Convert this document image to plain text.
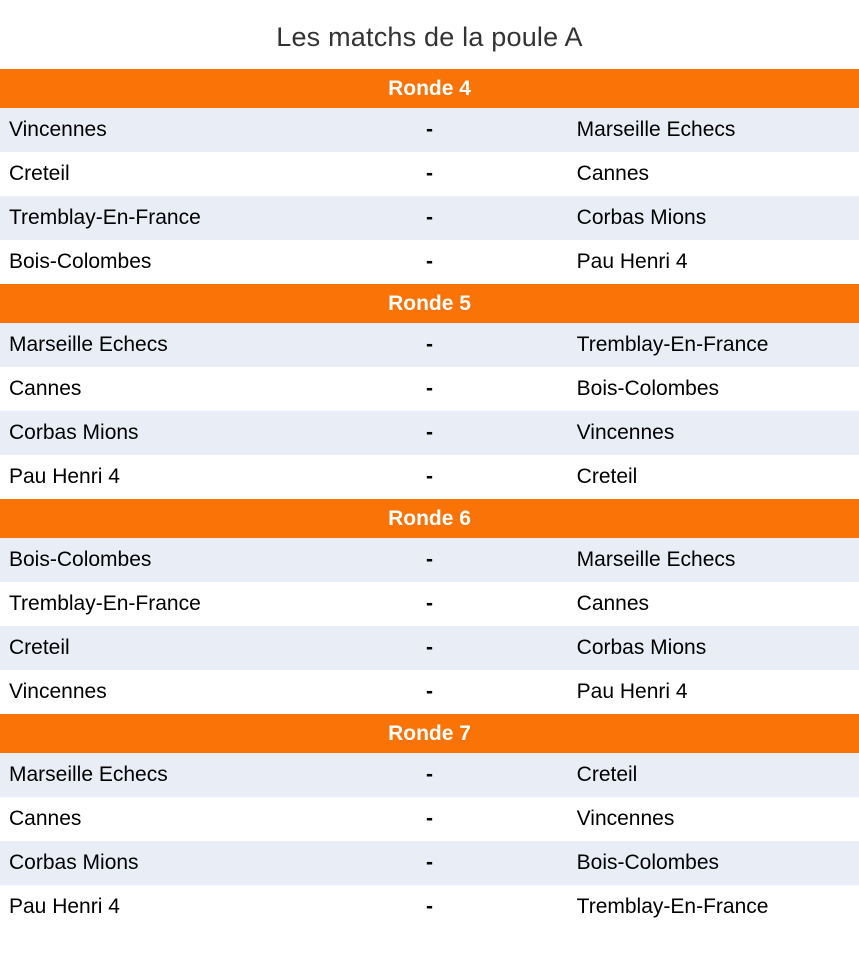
Les matchs de la poule A
Ronde 4		
Vincennes	-	Marseille Echecs
Creteil	-	Cannes
Tremblay-En-France	-	Corbas Mions
Bois-Colombes	-	Pau Henri 4
Ronde 5		
Marseille Echecs	-	Tremblay-En-France
Cannes	-	Bois-Colombes
Corbas Mions	-	Vincennes
Pau Henri 4	-	Creteil
Ronde 6		
Bois-Colombes	-	Marseille Echecs
Tremblay-En-France	-	Cannes
Creteil	-	Corbas Mions
Vincennes	-	Pau Henri 4
Ronde 7		
Marseille Echecs	-	Creteil
Cannes	-	Vincennes
Corbas Mions	-	Bois-Colombes
Pau Henri 4	-	Tremblay-En-France
